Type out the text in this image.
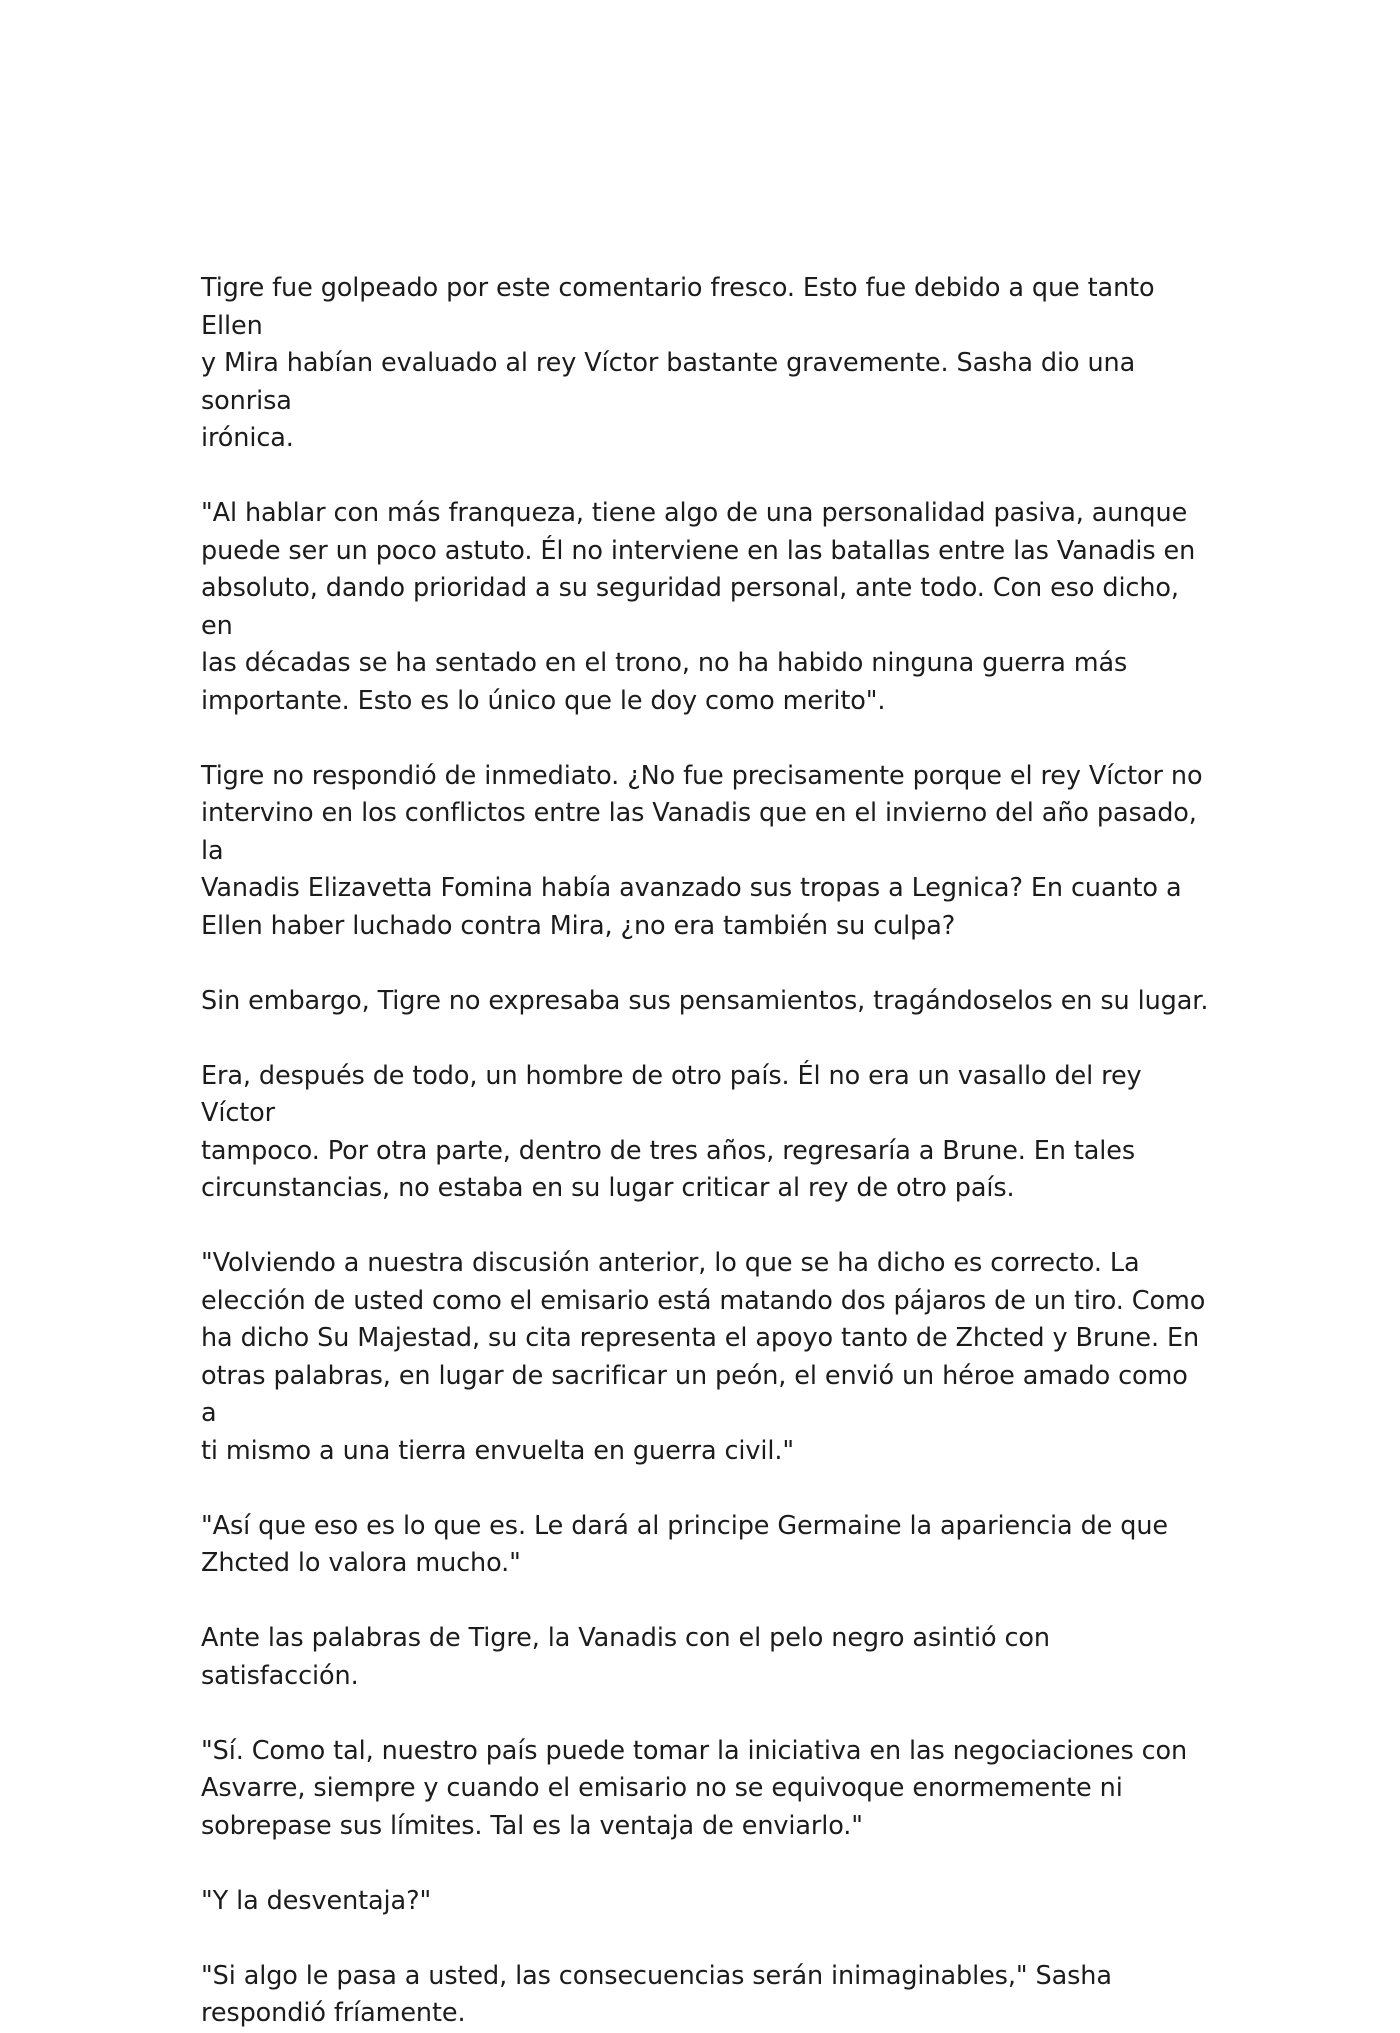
Tigre fue golpeado por este comentario fresco. Esto fue debido a que tanto Ellen
y Mira habían evaluado al rey Víctor bastante gravemente. Sasha dio una sonrisa
irónica.

"Al hablar con más franqueza, tiene algo de una personalidad pasiva, aunque
puede ser un poco astuto. Él no interviene en las batallas entre las Vanadis en
absoluto, dando prioridad a su seguridad personal, ante todo. Con eso dicho, en
las décadas se ha sentado en el trono, no ha habido ninguna guerra más
importante. Esto es lo único que le doy como merito".

Tigre no respondió de inmediato. ¿No fue precisamente porque el rey Víctor no
intervino en los conflictos entre las Vanadis que en el invierno del año pasado, la
Vanadis Elizavetta Fomina había avanzado sus tropas a Legnica? En cuanto a
Ellen haber luchado contra Mira, ¿no era también su culpa?

Sin embargo, Tigre no expresaba sus pensamientos, tragándoselos en su lugar.

Era, después de todo, un hombre de otro país. Él no era un vasallo del rey Víctor
tampoco. Por otra parte, dentro de tres años, regresaría a Brune. En tales
circunstancias, no estaba en su lugar criticar al rey de otro país.

"Volviendo a nuestra discusión anterior, lo que se ha dicho es correcto. La
elección de usted como el emisario está matando dos pájaros de un tiro. Como
ha dicho Su Majestad, su cita representa el apoyo tanto de Zhcted y Brune. En
otras palabras, en lugar de sacrificar un peón, el envió un héroe amado como a
ti mismo a una tierra envuelta en guerra civil."

"Así que eso es lo que es. Le dará al principe Germaine la apariencia de que
Zhcted lo valora mucho."

Ante las palabras de Tigre, la Vanadis con el pelo negro asintió con satisfacción.

"Sí. Como tal, nuestro país puede tomar la iniciativa en las negociaciones con
Asvarre, siempre y cuando el emisario no se equivoque enormemente ni
sobrepase sus límites. Tal es la ventaja de enviarlo."

"Y la desventaja?"

"Si algo le pasa a usted, las consecuencias serán inimaginables," Sasha
respondió fríamente.
